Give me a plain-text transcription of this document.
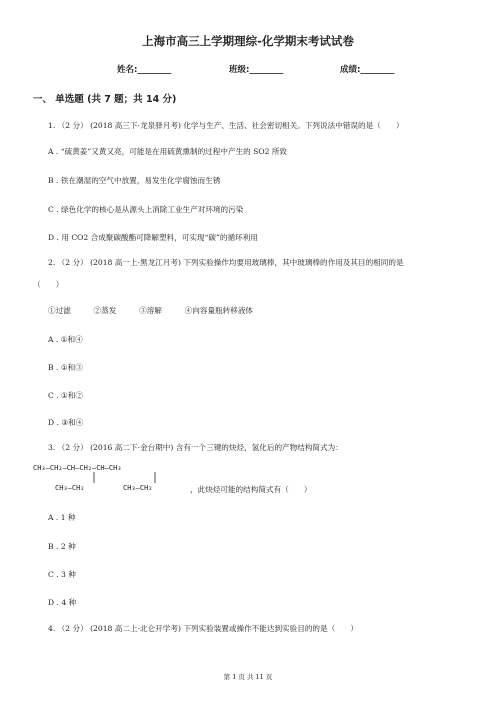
上海市高三上学期理综-化学期末考试试卷
姓名:________	班级:________	成绩:________
一、 单选题 (共 7 题；共 14 分)
1. （2 分） (2018 高三下·龙泉驿月考) 化学与生产、生活、社会密切相关。下列说法中错误的是（　　）
A . “硫黄姜”又黄又亮，可能是在用硫黄熏制的过程中产生的 SO2 所致
B . 铁在潮湿的空气中放置，易发生化学腐蚀而生锈
C . 绿色化学的核心是从源头上消除工业生产对环境的污染
D . 用 CO2 合成聚碳酸酯可降解塑料，可实现“碳”的循环利用
2. （2 分） (2018 高一上·黑龙江月考) 下列实验操作均要用玻璃棒，其中玻璃棒的作用及其目的相同的是
（　　）
①过滤　　　②蒸发　　　③溶解　　　④向容量瓶转移液体
A . ①和④
B . ①和③
C . ①和②
D . ③和④
3. （2 分） (2016 高二下·金台期中) 含有一个三键的炔烃，氢化后的产物结构简式为：
CH₃—CH₂—CH—CH₂—CH—CH₃
CH₃—CH₂	CH₃—CH₂	，此炔烃可能的结构简式有（　　）
A . 1 种
B . 2 种
C . 3 种
D . 4 种
4. （2 分） (2018 高二上·北仑开学考) 下列实验装置或操作不能达到实验目的的是（　　）
第 1 页 共 11 页
